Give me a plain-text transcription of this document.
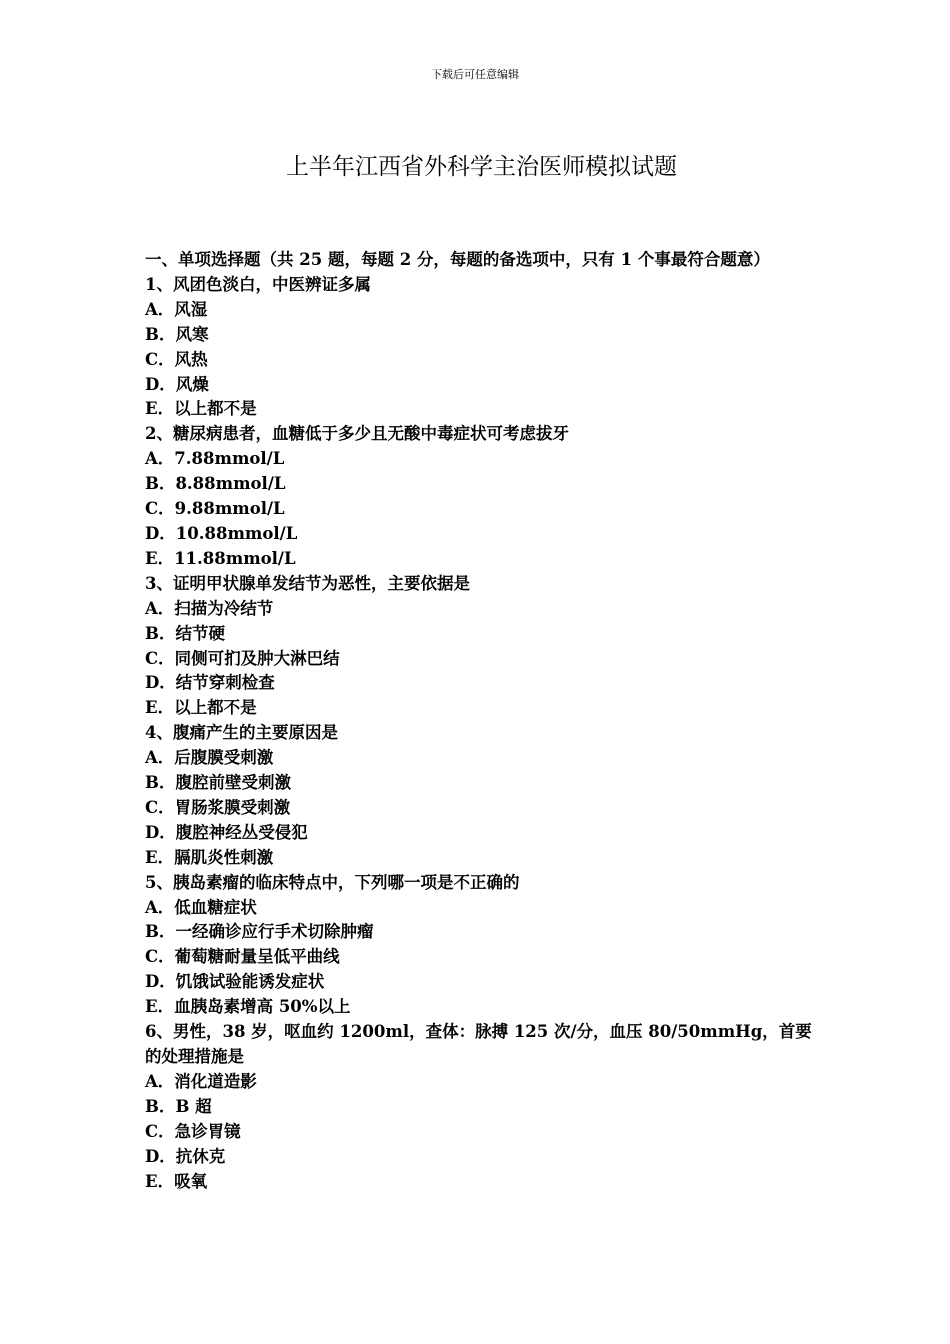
下载后可任意编辑
上半年江西省外科学主治医师模拟试题
一、单项选择题（共 25 题，每题 2 分，每题的备选项中，只有 1 个事最符合题意）
1、风团色淡白，中医辨证多属
A．风湿
B．风寒
C．风热
D．风燥
E．以上都不是
2、糖尿病患者，血糖低于多少且无酸中毒症状可考虑拔牙
A．7.88mmol/L
B．8.88mmol/L
C．9.88mmol/L
D．10.88mmol/L
E．11.88mmol/L
3、证明甲状腺单发结节为恶性，主要依据是
A．扫描为冷结节
B．结节硬
C．同侧可扪及肿大淋巴结
D．结节穿刺检查
E．以上都不是
4、腹痛产生的主要原因是
A．后腹膜受刺激
B．腹腔前壁受刺激
C．胃肠浆膜受刺激
D．腹腔神经丛受侵犯
E．膈肌炎性刺激
5、胰岛素瘤的临床特点中，下列哪一项是不正确的
A．低血糖症状
B．一经确诊应行手术切除肿瘤
C．葡萄糖耐量呈低平曲线
D．饥饿试验能诱发症状
E．血胰岛素增高 50%以上
6、男性，38 岁，呕血约 1200ml，查体：脉搏 125 次/分，血压 80/50mmHg，首要的处理措施是
A．消化道造影
B．B 超
C．急诊胃镜
D．抗休克
E．吸氧
